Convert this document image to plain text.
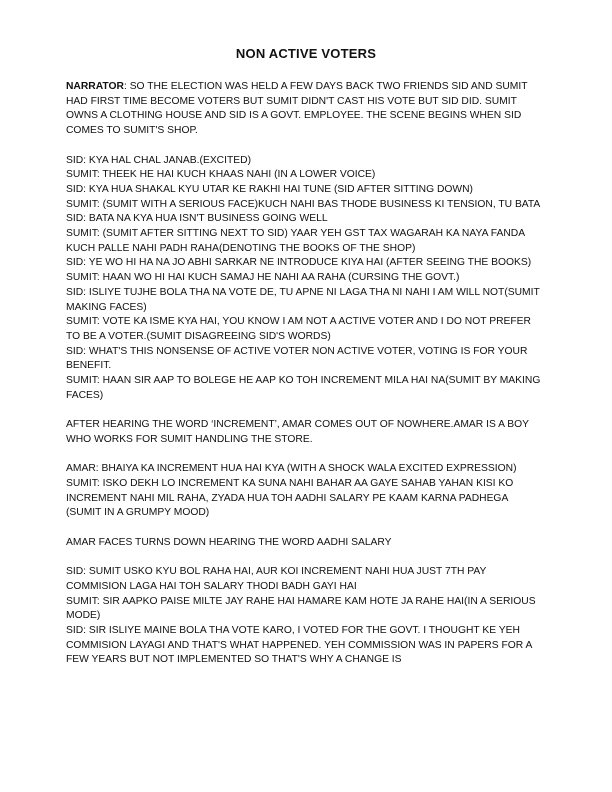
NON ACTIVE VOTERS

NARRATOR: SO THE ELECTION WAS HELD A FEW DAYS BACK TWO FRIENDS SID AND SUMIT HAD FIRST TIME BECOME VOTERS BUT SUMIT DIDN'T CAST HIS VOTE BUT SID DID. SUMIT OWNS A CLOTHING HOUSE AND SID IS A GOVT. EMPLOYEE. THE SCENE BEGINS WHEN SID COMES TO SUMIT'S SHOP.

SID: KYA HAL CHAL JANAB.(EXCITED)

SUMIT: THEEK HE HAI KUCH KHAAS NAHI (IN A LOWER VOICE)

SID: KYA HUA SHAKAL KYU UTAR KE RAKHI HAI TUNE (SID AFTER SITTING DOWN)

SUMIT: (SUMIT WITH A SERIOUS FACE)KUCH NAHI BAS THODE BUSINESS KI TENSION, TU BATA

SID: BATA NA KYA HUA ISN'T BUSINESS GOING WELL

SUMIT: (SUMIT AFTER SITTING NEXT TO SID) YAAR YEH GST TAX WAGARAH KA NAYA FANDA KUCH PALLE NAHI PADH RAHA(DENOTING THE BOOKS OF THE SHOP)

SID: YE WO HI HA NA JO ABHI SARKAR NE INTRODUCE KIYA HAI (AFTER SEEING THE BOOKS)

SUMIT: HAAN WO HI HAI KUCH SAMAJ HE NAHI AA RAHA (CURSING THE GOVT.)

SID: ISLIYE TUJHE BOLA THA NA VOTE DE, TU APNE NI LAGA THA NI NAHI I AM WILL NOT(SUMIT MAKING FACES)

SUMIT: VOTE KA ISME KYA HAI, YOU KNOW I AM NOT A ACTIVE VOTER AND I DO NOT PREFER TO BE A VOTER.(SUMIT DISAGREEING SID'S WORDS)

SID: WHAT'S THIS NONSENSE OF ACTIVE VOTER NON ACTIVE VOTER, VOTING IS FOR YOUR BENEFIT.

SUMIT: HAAN SIR AAP TO BOLEGE HE AAP KO TOH INCREMENT MILA HAI NA(SUMIT BY MAKING FACES)

AFTER HEARING THE WORD ‘INCREMENT’, AMAR COMES OUT OF NOWHERE.AMAR IS A BOY WHO WORKS FOR SUMIT HANDLING THE STORE.

AMAR: BHAIYA KA INCREMENT HUA HAI KYA (WITH A SHOCK WALA EXCITED EXPRESSION)

SUMIT: ISKO DEKH LO INCREMENT KA SUNA NAHI BAHAR AA GAYE SAHAB YAHAN KISI KO INCREMENT NAHI MIL RAHA, ZYADA HUA TOH AADHI SALARY PE KAAM KARNA PADHEGA (SUMIT IN A GRUMPY MOOD)

AMAR FACES TURNS DOWN HEARING THE WORD AADHI SALARY

SID: SUMIT USKO KYU BOL RAHA HAI, AUR KOI INCREMENT NAHI HUA JUST 7TH PAY COMMISION LAGA HAI TOH SALARY THODI BADH GAYI HAI

SUMIT: SIR AAPKO PAISE MILTE JAY RAHE HAI HAMARE KAM HOTE JA RAHE HAI(IN A SERIOUS MODE)

SID: SIR ISLIYE MAINE BOLA THA VOTE KARO, I VOTED FOR THE GOVT. I THOUGHT KE YEH COMMISION LAYAGI AND THAT'S WHAT HAPPENED. YEH COMMISSION WAS IN PAPERS FOR A FEW YEARS BUT NOT IMPLEMENTED SO THAT'S WHY A CHANGE IS
